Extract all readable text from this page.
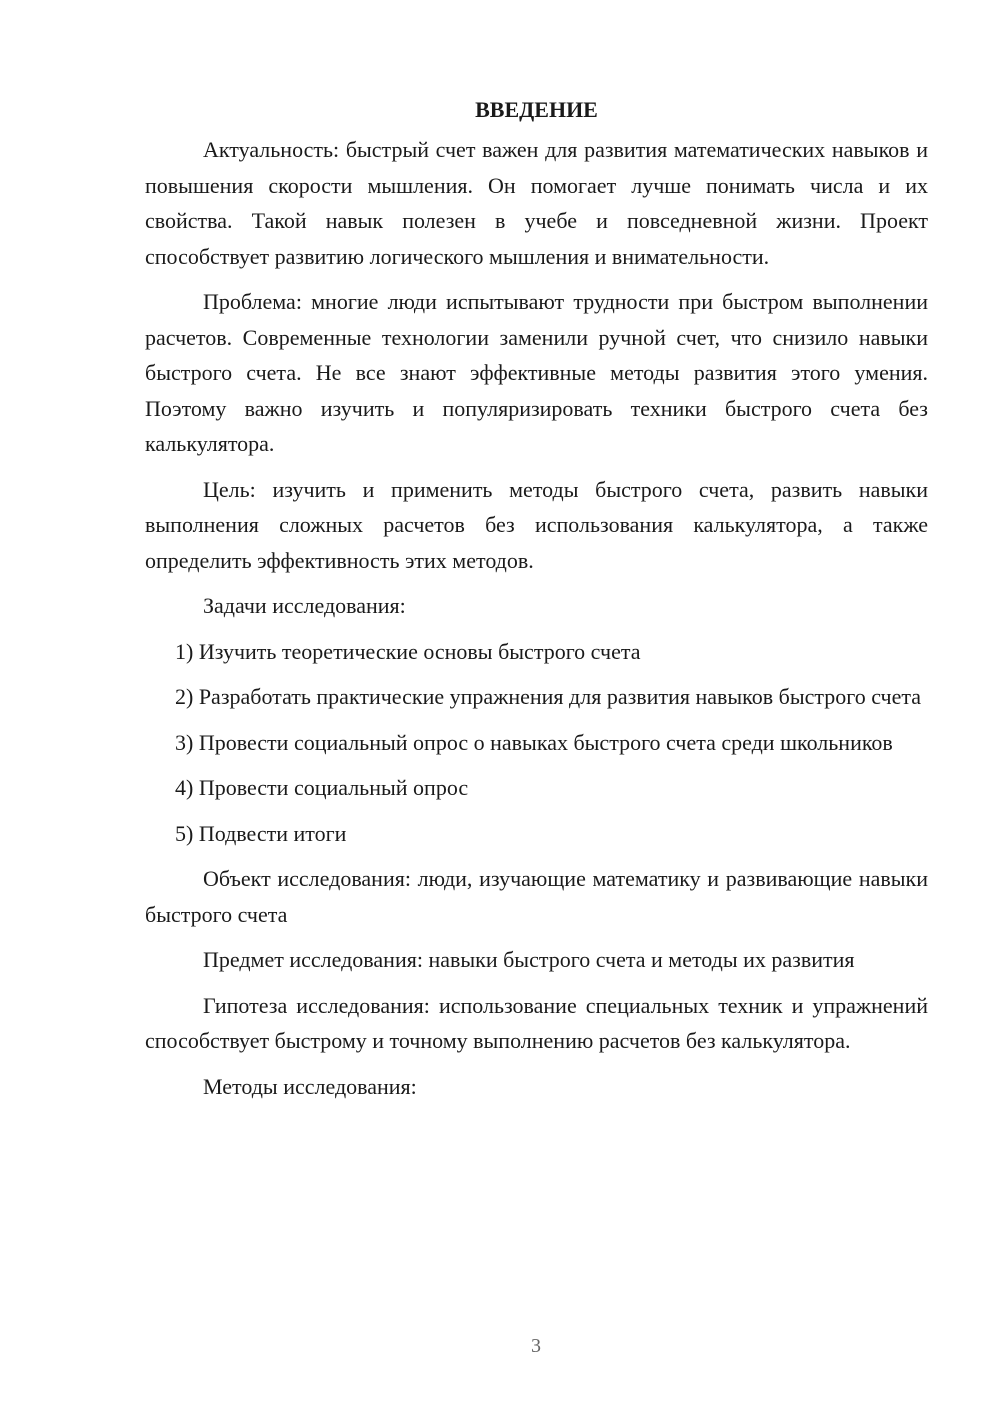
ВВЕДЕНИЕ

Актуальность: быстрый счет важен для развития математических навыков и повышения скорости мышления. Он помогает лучше понимать числа и их свойства. Такой навык полезен в учебе и повседневной жизни. Проект способствует развитию логического мышления и внимательности.

Проблема: многие люди испытывают трудности при быстром выполнении расчетов. Современные технологии заменили ручной счет, что снизило навыки быстрого счета. Не все знают эффективные методы развития этого умения. Поэтому важно изучить и популяризировать техники быстрого счета без калькулятора.

Цель: изучить и применить методы быстрого счета, развить навыки выполнения сложных расчетов без использования калькулятора, а также определить эффективность этих методов.

Задачи исследования:

1) Изучить теоретические основы быстрого счета

2) Разработать практические упражнения для развития навыков быстрого счета

3) Провести социальный опрос о навыках быстрого счета среди школьников

4) Провести социальный опрос

5) Подвести итоги

Объект исследования: люди, изучающие математику и развивающие навыки быстрого счета

Предмет исследования: навыки быстрого счета и методы их развития

Гипотеза исследования: использование специальных техник и упражнений способствует быстрому и точному выполнению расчетов без калькулятора.

Методы исследования:

3
